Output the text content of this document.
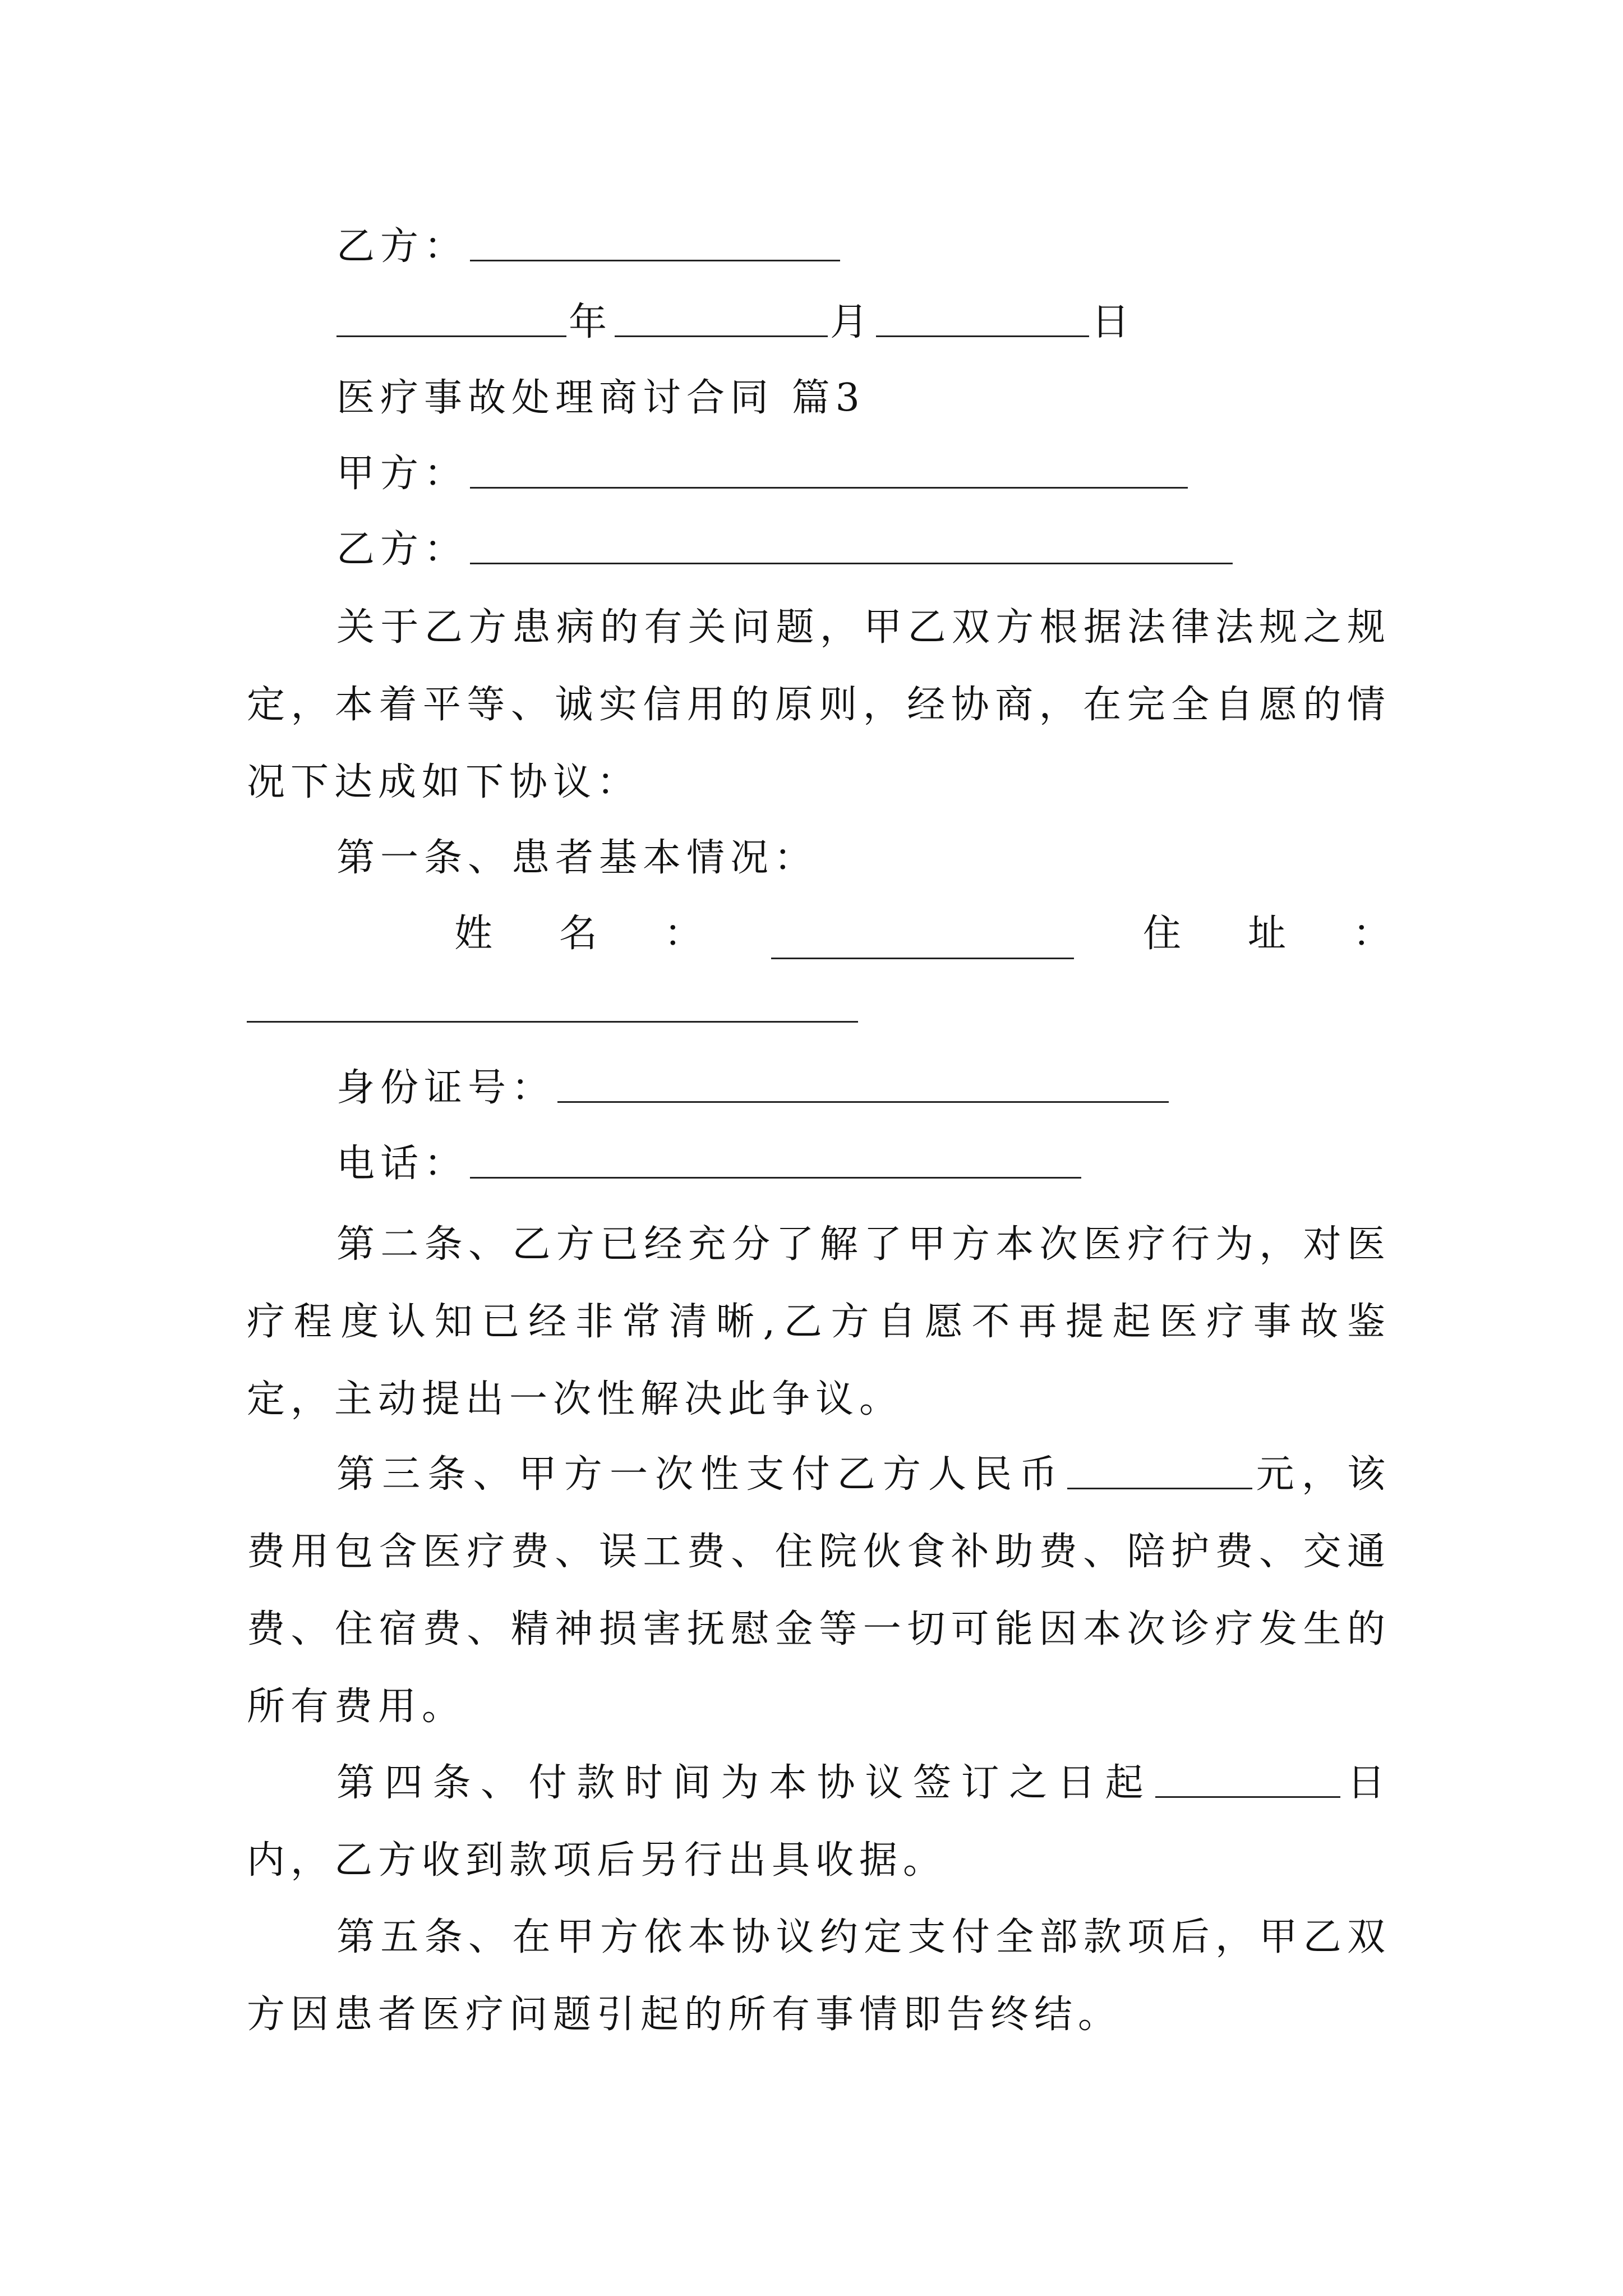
乙方：
年	月	日
医疗事故处理商讨合同 篇3
甲方：
乙方：
关于乙方患病的有关问题，甲乙双方根据法律法规之规定，本着平等、诚实信用的原则，经协商，在完全自愿的情况下达成如下协议：
第一条、患者基本情况：
姓 名 ：	住 址 ：
身份证号：
电话：
第二条、乙方已经充分了解了甲方本次医疗行为，对医疗程度认知已经非常清晰,乙方自愿不再提起医疗事故鉴定，主动提出一次性解决此争议。
第三条、甲方一次性支付乙方人民币	元，该费用包含医疗费、误工费、住院伙食补助费、陪护费、交通费、住宿费、精神损害抚慰金等一切可能因本次诊疗发生的所有费用。
第四条、付款时间为本协议签订之日起	日内，乙方收到款项后另行出具收据。
第五条、在甲方依本协议约定支付全部款项后，甲乙双方因患者医疗问题引起的所有事情即告终结。
